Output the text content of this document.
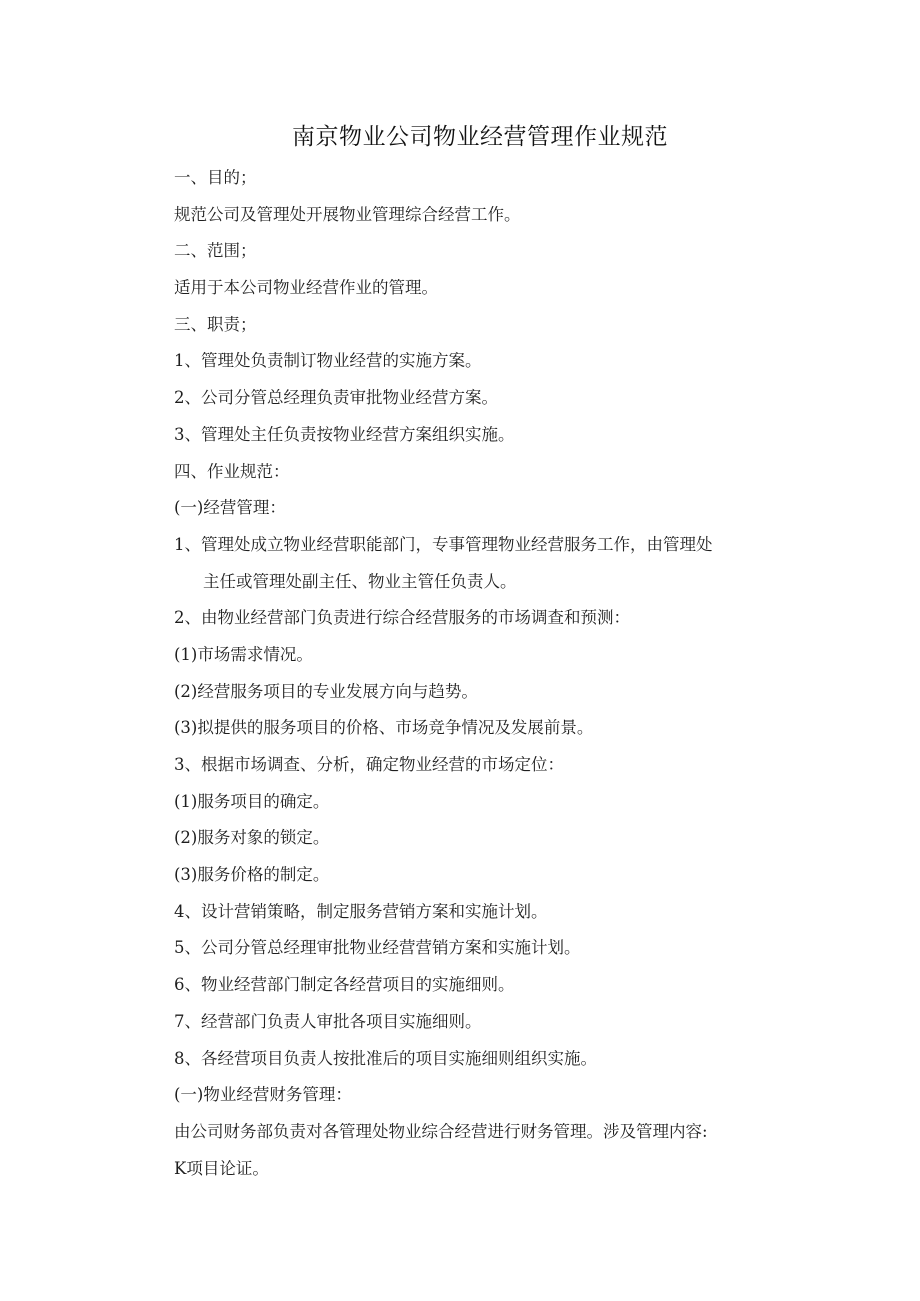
南京物业公司物业经营管理作业规范
一、目的；
规范公司及管理处开展物业管理综合经营工作。
二、范围；
适用于本公司物业经营作业的管理。
三、职责；
1、管理处负责制订物业经营的实施方案。
2、公司分管总经理负责审批物业经营方案。
3、管理处主任负责按物业经营方案组织实施。
四、作业规范：
(一)经营管理：
1、管理处成立物业经营职能部门，专事管理物业经营服务工作，由管理处
主任或管理处副主任、物业主管任负责人。
2、由物业经营部门负责进行综合经营服务的市场调查和预测：
(1)市场需求情况。
(2)经营服务项目的专业发展方向与趋势。
(3)拟提供的服务项目的价格、市场竞争情况及发展前景。
3、根据市场调查、分析，确定物业经营的市场定位：
(1)服务项目的确定。
(2)服务对象的锁定。
(3)服务价格的制定。
4、设计营销策略，制定服务营销方案和实施计划。
5、公司分管总经理审批物业经营营销方案和实施计划。
6、物业经营部门制定各经营项目的实施细则。
7、经营部门负责人审批各项目实施细则。
8、各经营项目负责人按批准后的项目实施细则组织实施。
(一)物业经营财务管理：
由公司财务部负责对各管理处物业综合经营进行财务管理。涉及管理内容:
K项目论证。
